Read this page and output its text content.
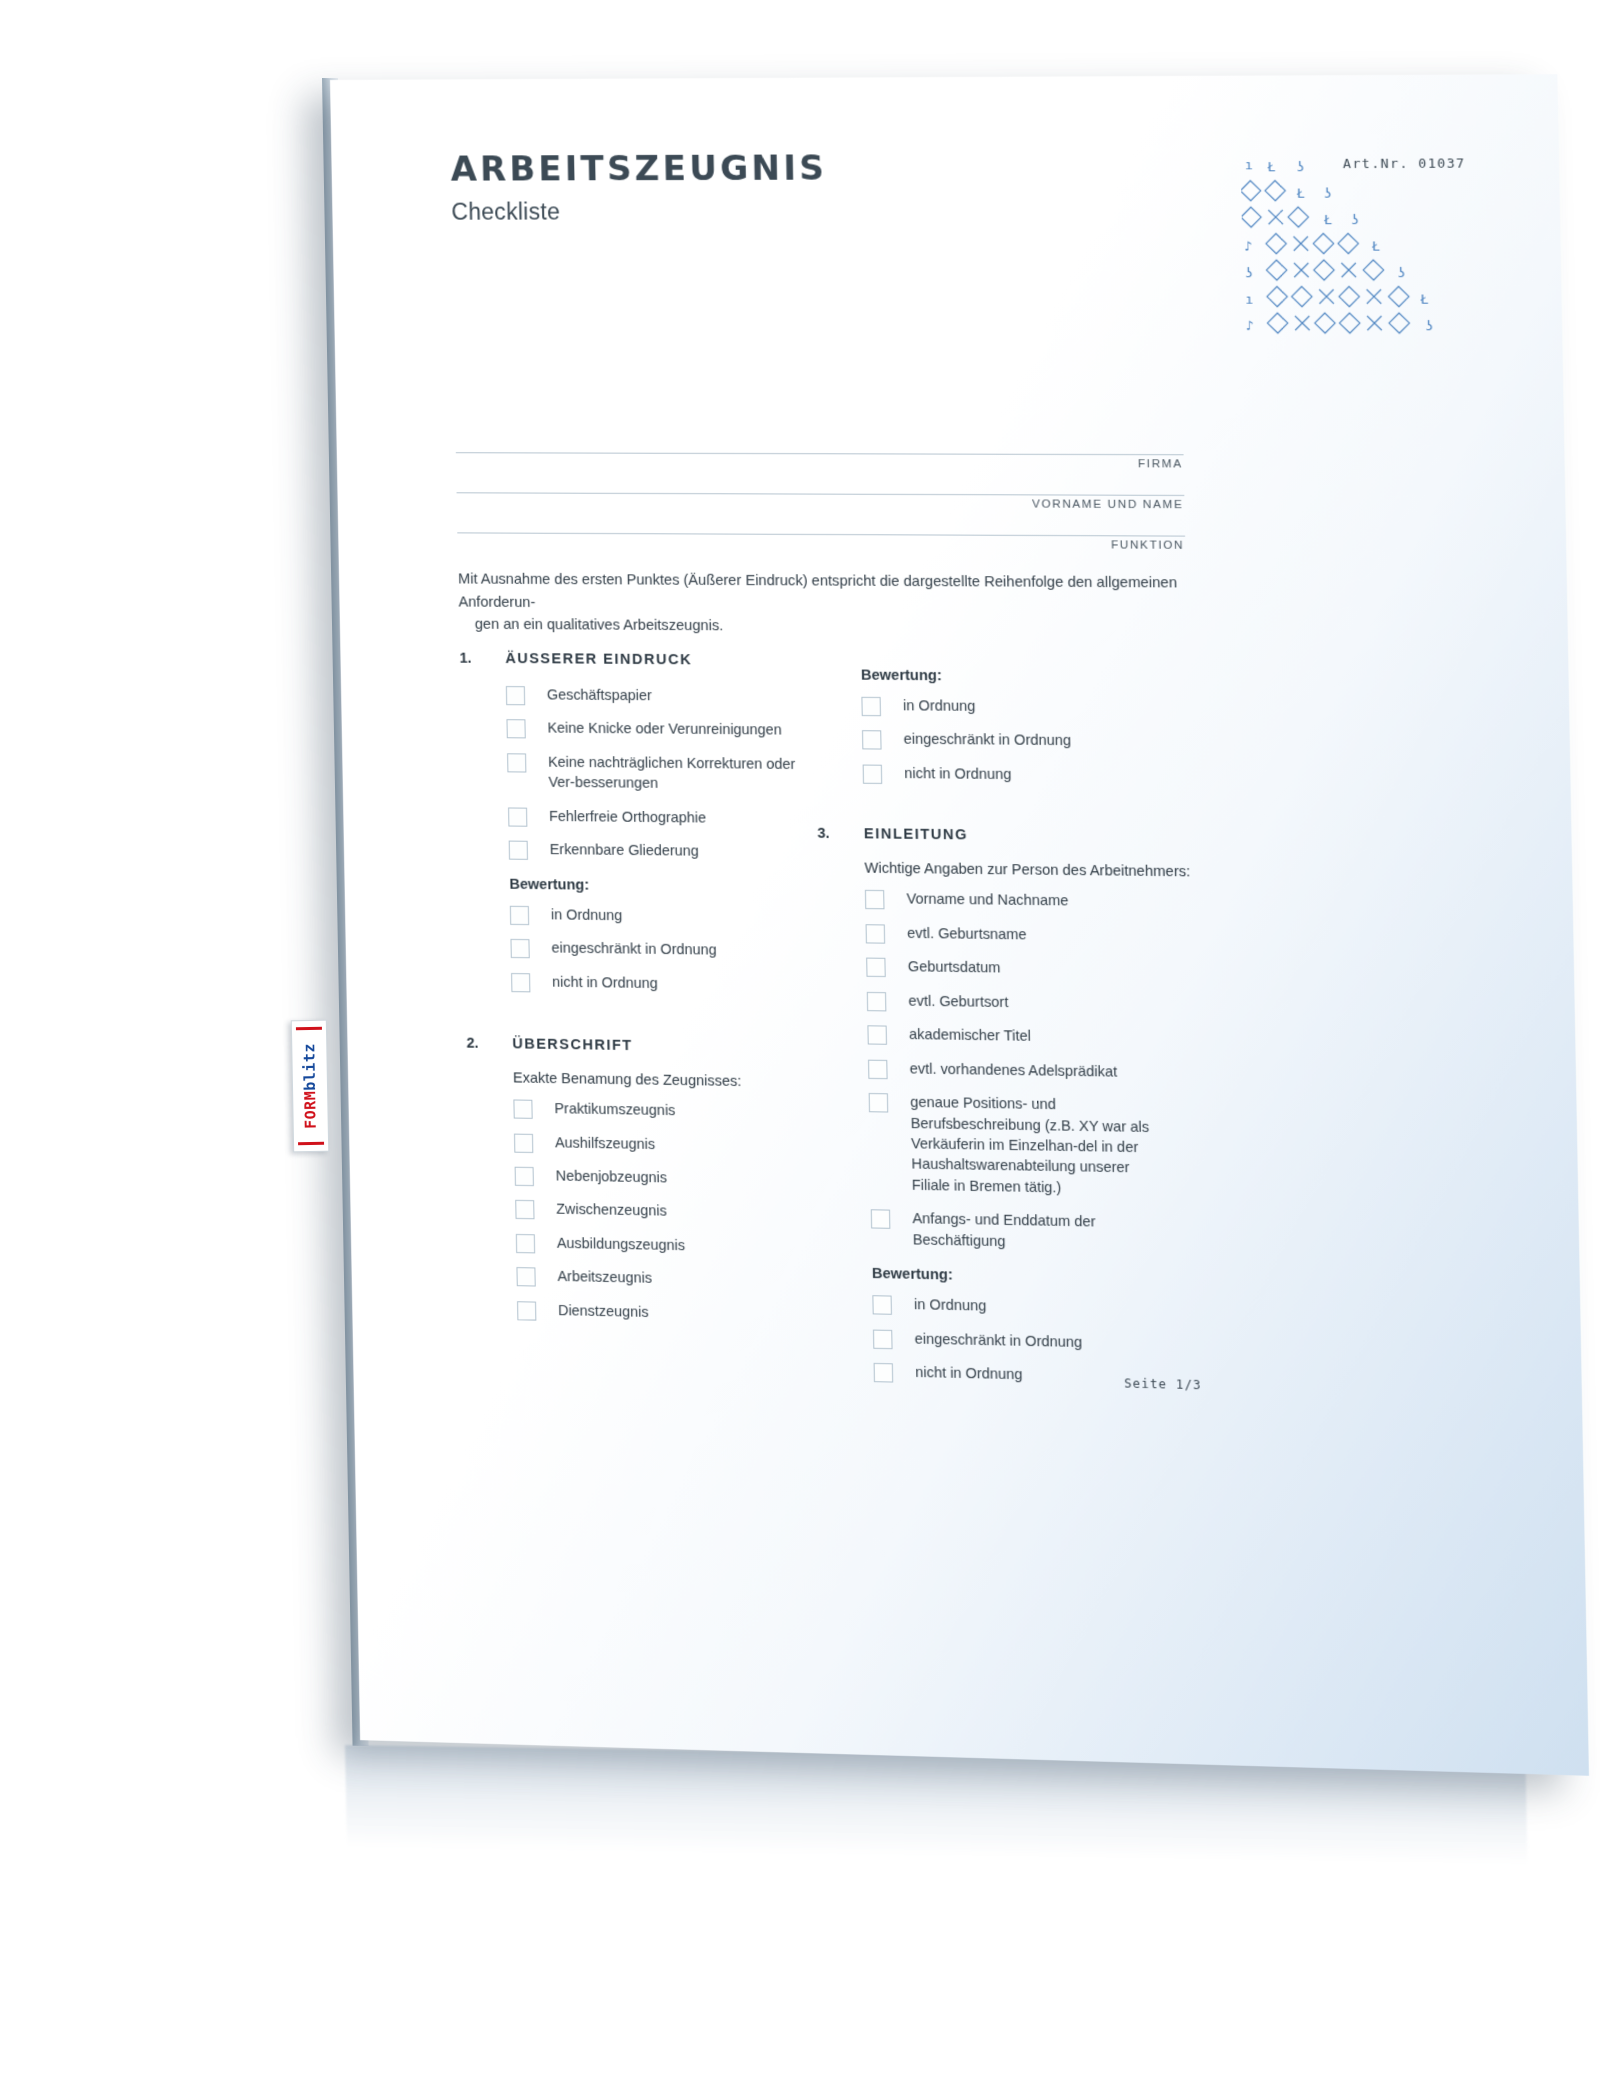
ARBEITSZEUGNIS
Checkliste
Art.Nr. 01037
ı Ł ʖ
Ł ʖ
Ł ʖ
♪	Ł
ʖ	ʖ
ı	Ł
♪	ʖ
FIRMA
VORNAME UND NAME
FUNKTION
Mit Ausnahme des ersten Punktes (Äußerer Eindruck) entspricht die dargestellte Reihenfolge den allgemeinen Anforderun-
gen an ein qualitatives Arbeitszeugnis.
1.	ÄUSSERER EINDRUCK
Geschäftspapier
Keine Knicke oder Verunreinigungen
Keine nachträglichen Korrekturen oder Ver-besserungen
Fehlerfreie Orthographie
Erkennbare Gliederung
Bewertung:
in Ordnung
eingeschränkt in Ordnung
nicht in Ordnung
2.	ÜBERSCHRIFT
Exakte Benamung des Zeugnisses:
Praktikumszeugnis
Aushilfszeugnis
Nebenjobzeugnis
Zwischenzeugnis
Ausbildungszeugnis
Arbeitszeugnis
Dienstzeugnis
Bewertung:
in Ordnung
eingeschränkt in Ordnung
nicht in Ordnung
3.	EINLEITUNG
Wichtige Angaben zur Person des Arbeitnehmers:
Vorname und Nachname
evtl. Geburtsname
Geburtsdatum
evtl. Geburtsort
akademischer Titel
evtl. vorhandenes Adelsprädikat
genaue Positions- und Berufsbeschreibung (z.B. XY war als Verkäuferin im Einzelhan-del in der Haushaltswarenabteilung unserer Filiale in Bremen tätig.)
Anfangs- und Enddatum der Beschäftigung
Bewertung:
in Ordnung
eingeschränkt in Ordnung
nicht in Ordnung
Seite 1/3
FORMblitz
